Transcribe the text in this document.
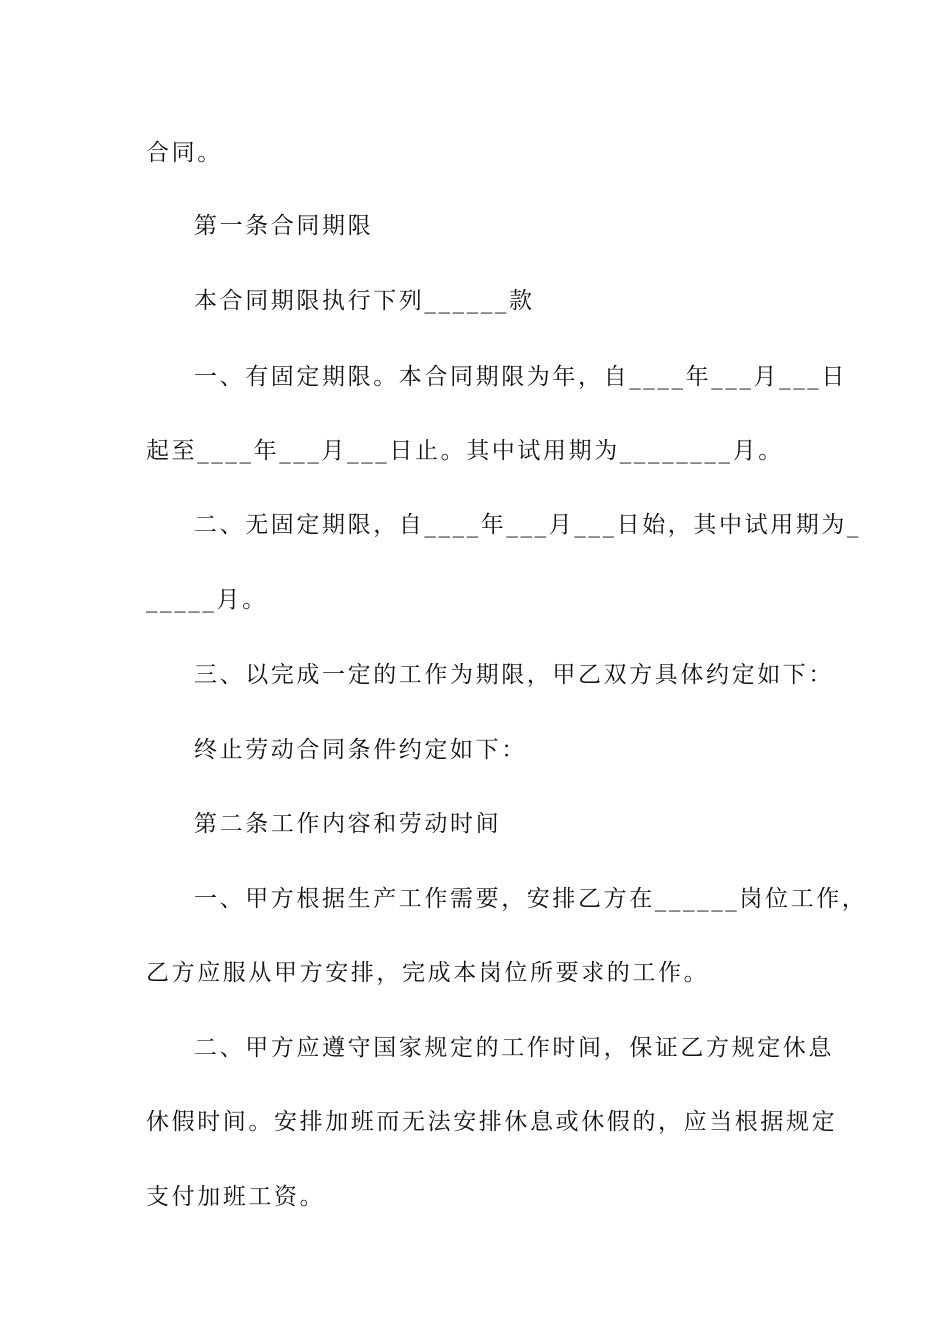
合同。
第一条合同期限
本合同期限执行下列______款
一、有固定期限。本合同期限为年，自____年___月___日
起至____年___月___日止。其中试用期为________月。
二、无固定期限，自____年___月___日始，其中试用期为_
_____月。
三、以完成一定的工作为期限，甲乙双方具体约定如下：
终止劳动合同条件约定如下：
第二条工作内容和劳动时间
一、甲方根据生产工作需要，安排乙方在______岗位工作，
乙方应服从甲方安排，完成本岗位所要求的工作。
二、甲方应遵守国家规定的工作时间，保证乙方规定休息
休假时间。安排加班而无法安排休息或休假的，应当根据规定
支付加班工资。
